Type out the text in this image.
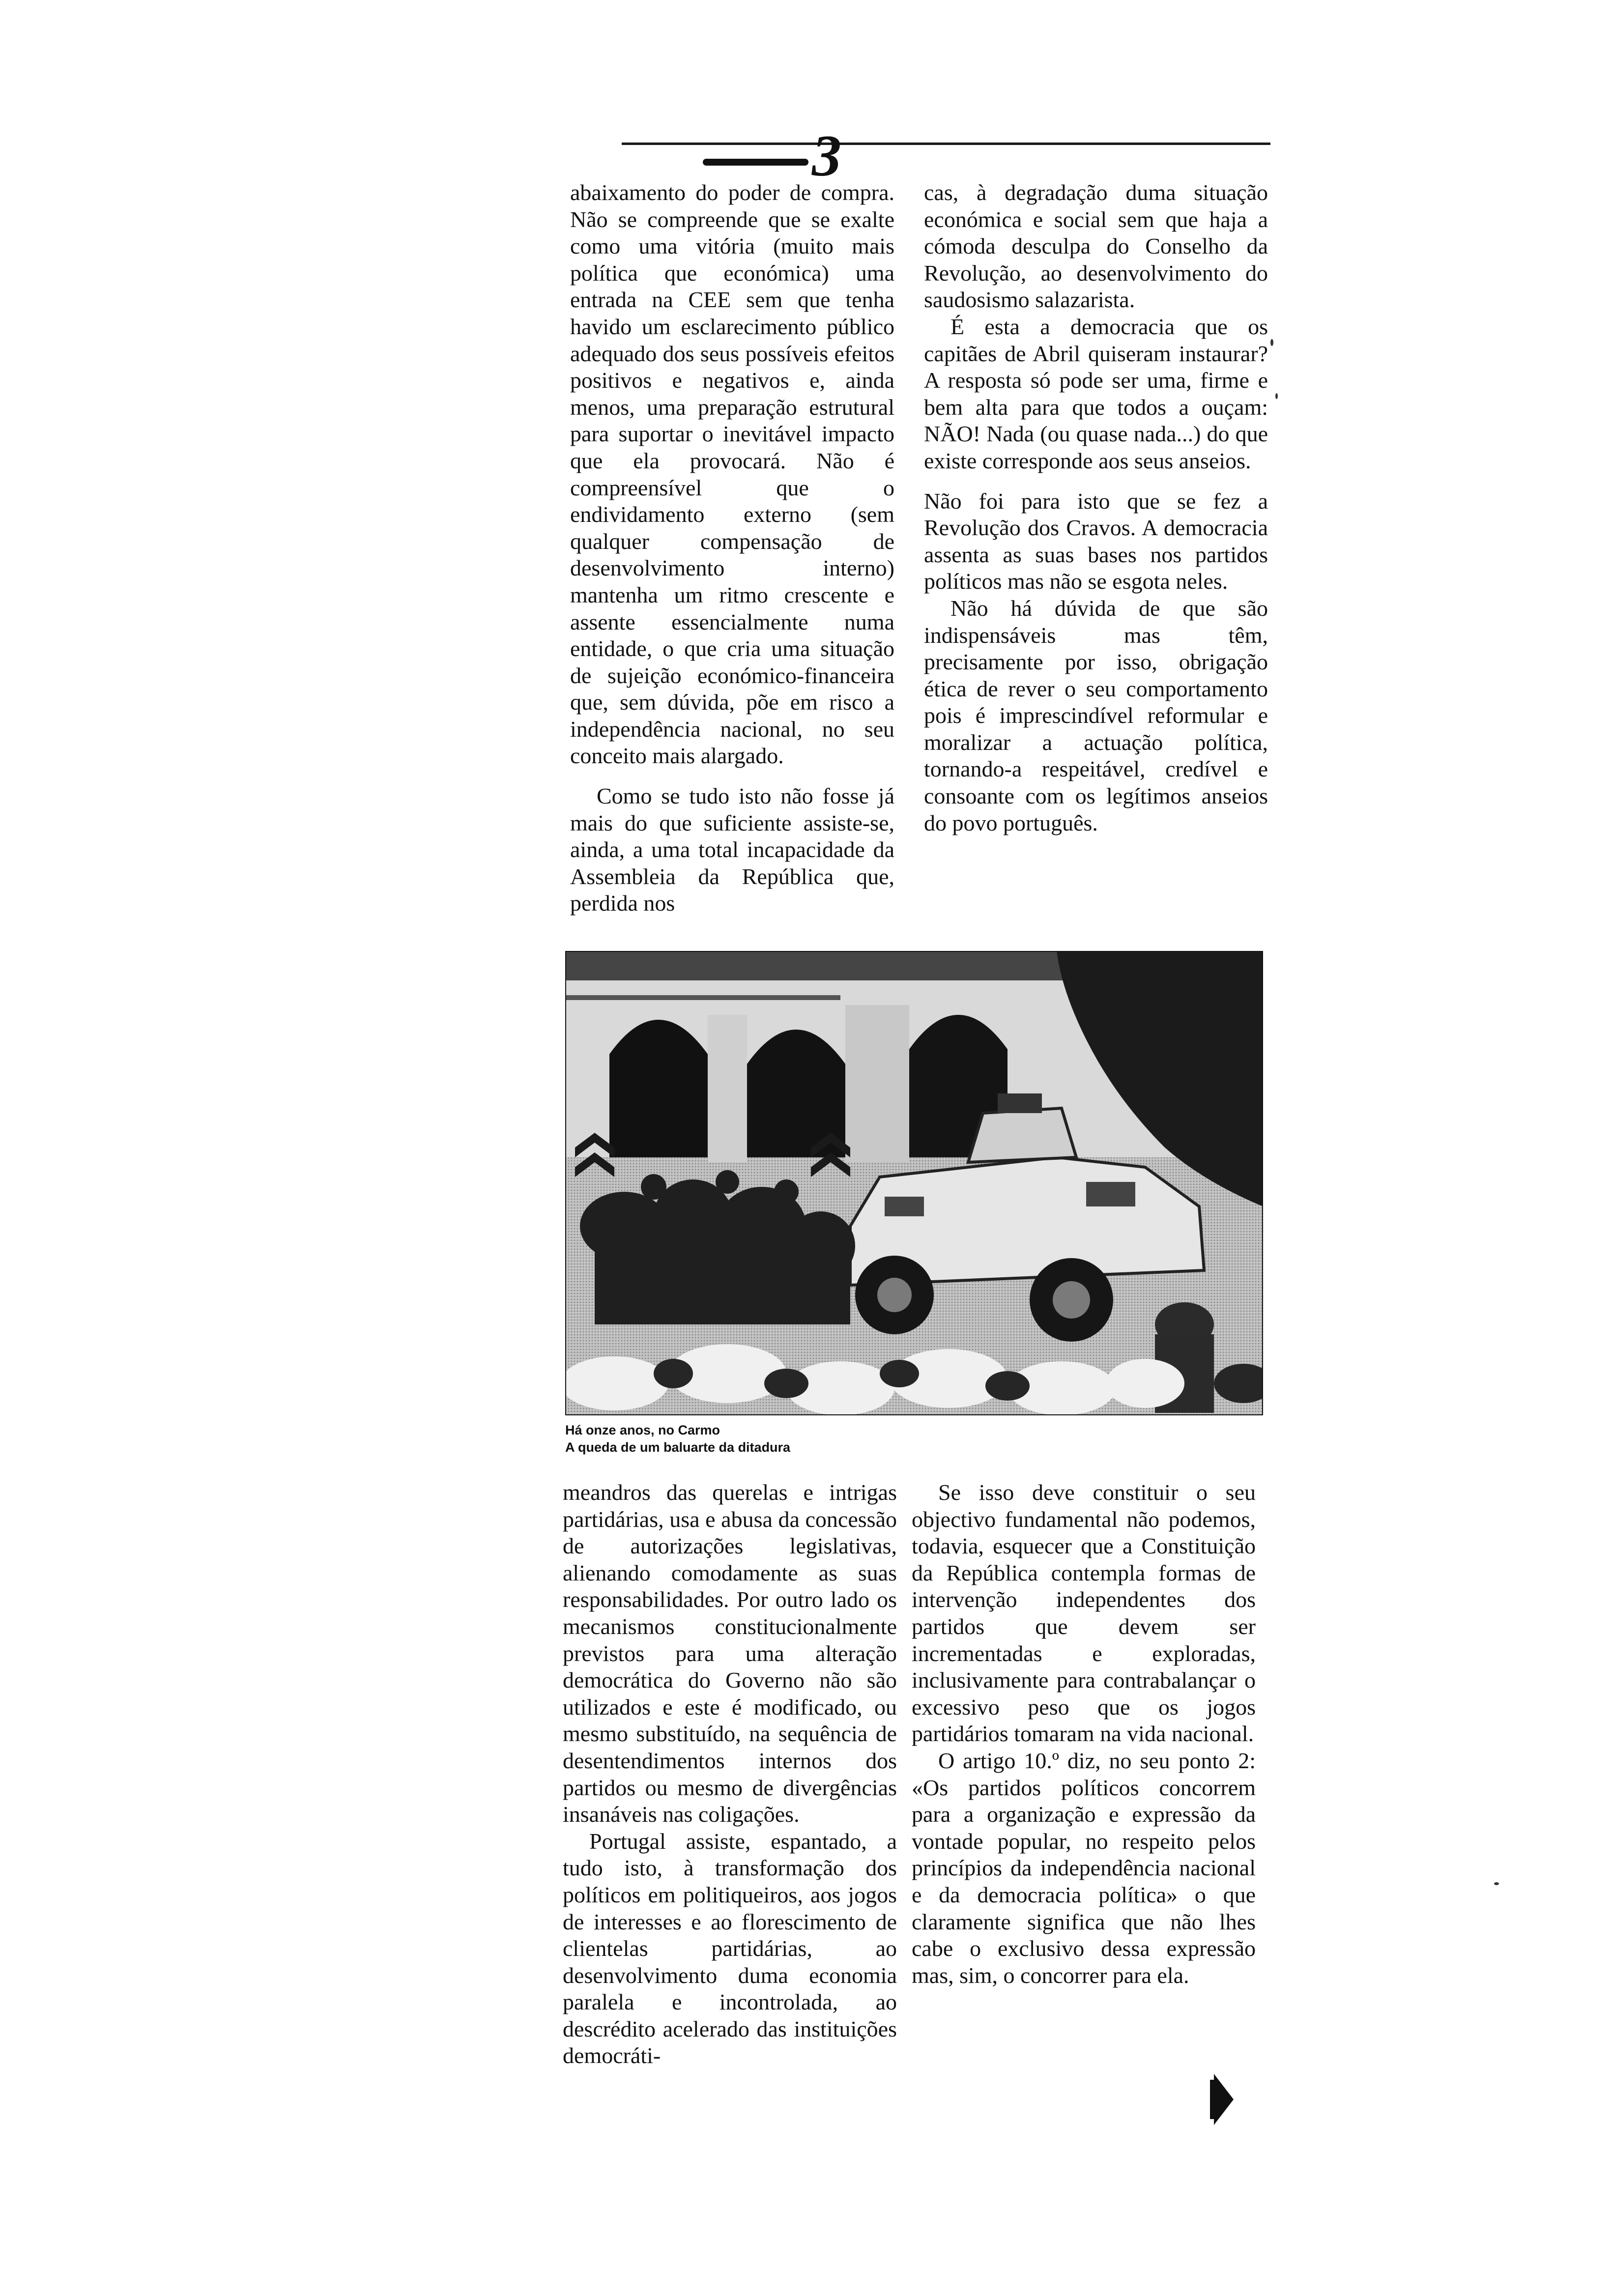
3

abaixamento do poder de compra. Não se compreende que se exalte como uma vitória (muito mais política que económica) uma entrada na CEE sem que tenha havido um esclarecimento público adequado dos seus possíveis efeitos positivos e negativos e, ainda menos, uma preparação estrutural para suportar o inevitável impacto que ela provocará. Não é compreensível que o endividamento externo (sem qualquer compensação de desenvolvimento interno) mantenha um ritmo crescente e assente essencialmente numa entidade, o que cria uma situação de sujeição económico-financeira que, sem dúvida, põe em risco a independência nacional, no seu conceito mais alargado.

Como se tudo isto não fosse já mais do que suficiente assiste-se, ainda, a uma total incapacidade da Assembleia da República que, perdida nos

cas, à degradação duma situação económica e social sem que haja a cómoda desculpa do Conselho da Revolução, ao desenvolvimento do saudosismo salazarista.

É esta a democracia que os capitães de Abril quiseram instaurar? A resposta só pode ser uma, firme e bem alta para que todos a ouçam: NÃO! Nada (ou quase nada...) do que existe corresponde aos seus anseios.

Não foi para isto que se fez a Revolução dos Cravos. A democracia assenta as suas bases nos partidos políticos mas não se esgota neles.

Não há dúvida de que são indispensáveis mas têm, precisamente por isso, obrigação ética de rever o seu comportamento pois é imprescindível reformular e moralizar a actuação política, tornando-a respeitável, credível e consoante com os legítimos anseios do povo português.

Há onze anos, no Carmo
A queda de um baluarte da ditadura

meandros das querelas e intrigas partidárias, usa e abusa da concessão de autorizações legislativas, alienando comodamente as suas responsabilidades. Por outro lado os mecanismos constitucionalmente previstos para uma alteração democrática do Governo não são utilizados e este é modificado, ou mesmo substituído, na sequência de desentendimentos internos dos partidos ou mesmo de divergências insanáveis nas coligações.

Portugal assiste, espantado, a tudo isto, à transformação dos políticos em politiqueiros, aos jogos de interesses e ao florescimento de clientelas partidárias, ao desenvolvimento duma economia paralela e incontrolada, ao descrédito acelerado das instituições democráti-

Se isso deve constituir o seu objectivo fundamental não podemos, todavia, esquecer que a Constituição da República contempla formas de intervenção independentes dos partidos que devem ser incrementadas e exploradas, inclusivamente para contrabalançar o excessivo peso que os jogos partidários tomaram na vida nacional.

O artigo 10.º diz, no seu ponto 2: «Os partidos políticos concorrem para a organização e expressão da vontade popular, no respeito pelos princípios da independência nacional e da democracia política» o que claramente significa que não lhes cabe o exclusivo dessa expressão mas, sim, o concorrer para ela.
